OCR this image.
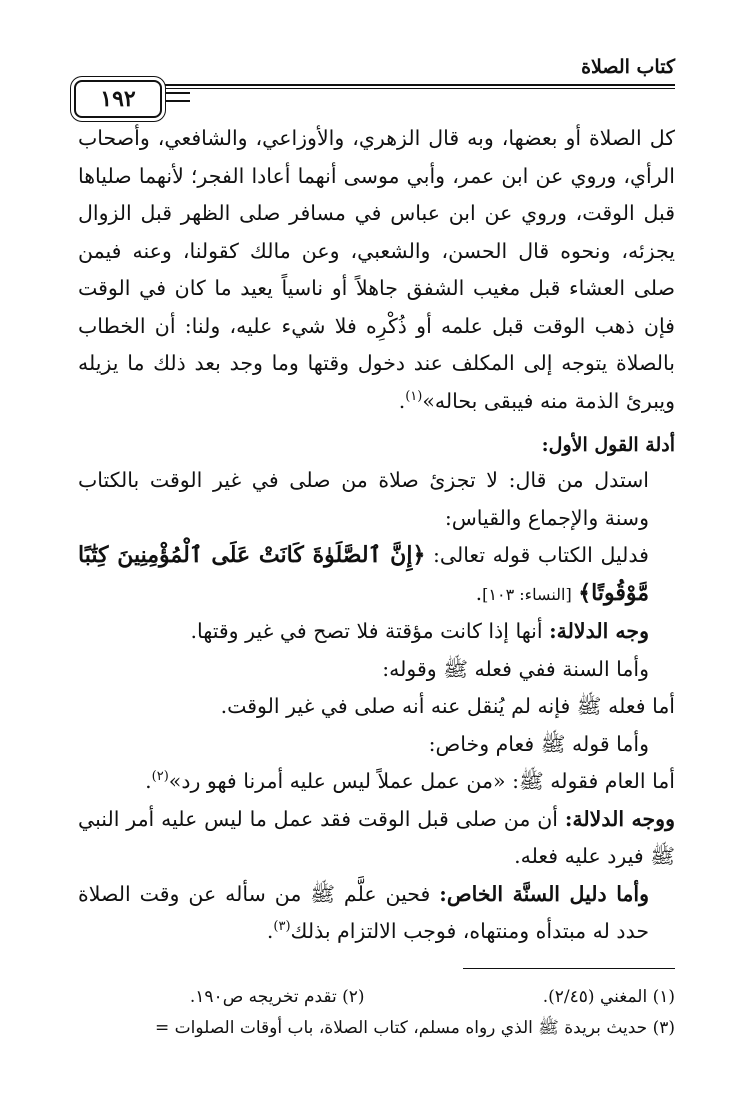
كتاب الصلاة
١٩٢

كل الصلاة أو بعضها، وبه قال الزهري، والأوزاعي، والشافعي، وأصحاب الرأي، وروي عن ابن عمر، وأبي موسى أنهما أعادا الفجر؛ لأنهما صلياها قبل الوقت، وروي عن ابن عباس في مسافر صلى الظهر قبل الزوال يجزئه، ونحوه قال الحسن، والشعبي، وعن مالك كقولنا، وعنه فيمن صلى العشاء قبل مغيب الشفق جاهلاً أو ناسياً يعيد ما كان في الوقت فإن ذهب الوقت قبل علمه أو ذُكْرِه فلا شيء عليه، ولنا: أن الخطاب بالصلاة يتوجه إلى المكلف عند دخول وقتها وما وجد بعد ذلك ما يزيله ويبرئ الذمة منه فيبقى بحاله»$^{(١)}$.

أدلة القول الأول:

استدل من قال: لا تجزئ صلاة من صلى في غير الوقت بالكتاب وسنة والإجماع والقياس:

فدليل الكتاب قوله تعالى: ﴿إِنَّ ٱلصَّلَوٰةَ كَانَتْ عَلَى ٱلْمُؤْمِنِينَ كِتَٰبًا مَّوْقُوتًا﴾ [النساء: ١٠٣].

وجه الدلالة: أنها إذا كانت مؤقتة فلا تصح في غير وقتها.

وأما السنة ففي فعله ﷺ وقوله:

أما فعله ﷺ فإنه لم يُنقل عنه أنه صلى في غير الوقت.

وأما قوله ﷺ فعام وخاص:

أما العام فقوله ﷺ: «من عمل عملاً ليس عليه أمرنا فهو رد»$^{(٢)}$.

ووجه الدلالة: أن من صلى قبل الوقت فقد عمل ما ليس عليه أمر النبي ﷺ فيرد عليه فعله.

وأما دليل السنَّة الخاص: فحين علَّم ﷺ من سأله عن وقت الصلاة حدد له مبتدأه ومنتهاه، فوجب الالتزام بذلك$^{(٣)}$.

(١) المغني (٢/٤٥).
(٢) تقدم تخريجه ص١٩٠.
(٣) حديث بريدة ﷺ الذي رواه مسلم، كتاب الصلاة، باب أوقات الصلوات =
